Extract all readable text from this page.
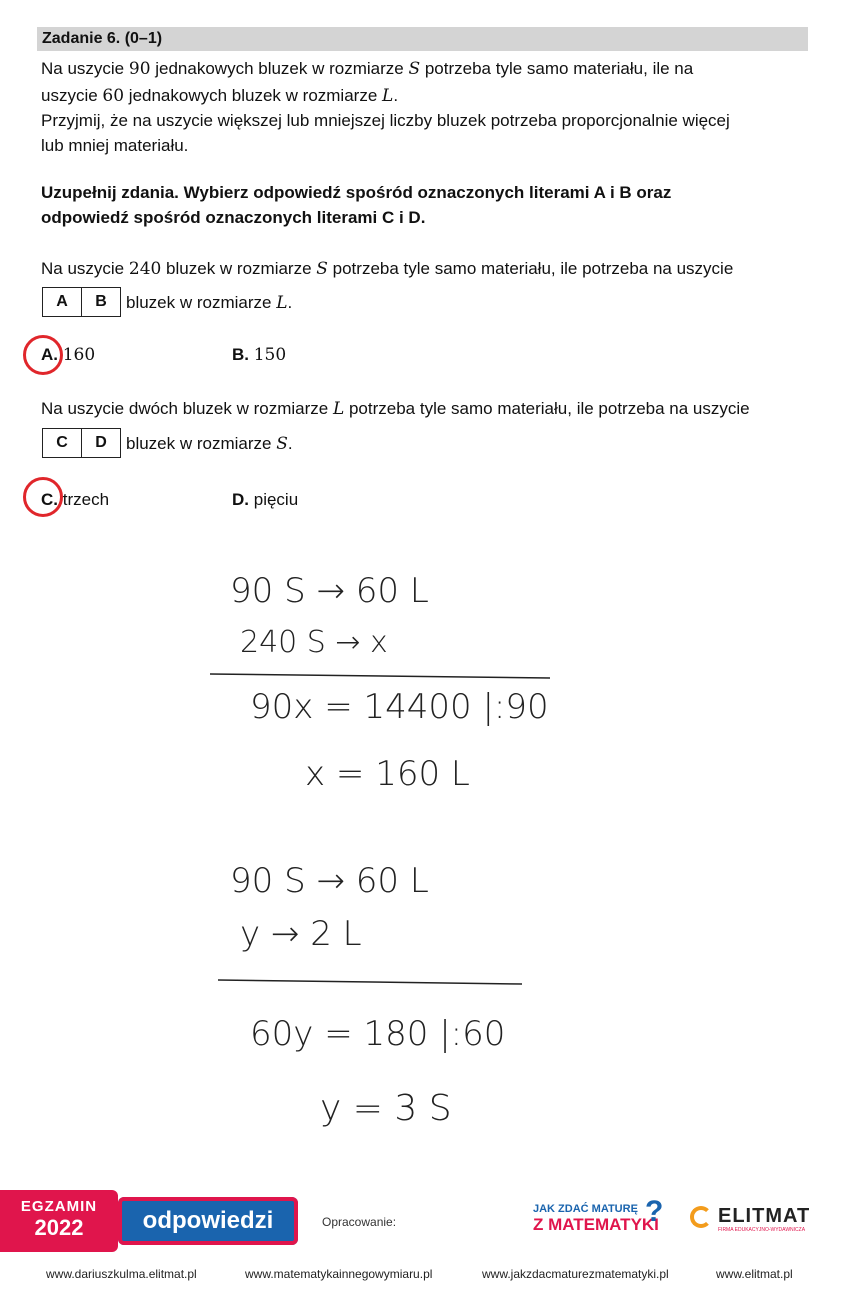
Zadanie 6. (0–1)
Na uszycie 90 jednakowych bluzek w rozmiarze S potrzeba tyle samo materiału, ile na
uszycie 60 jednakowych bluzek w rozmiarze L.
Przyjmij, że na uszycie większej lub mniejszej liczby bluzek potrzeba proporcjonalnie więcej
lub mniej materiału.
Uzupełnij zdania. Wybierz odpowiedź spośród oznaczonych literami A i B oraz
odpowiedź spośród oznaczonych literami C i D.
Na uszycie 240 bluzek w rozmiarze S potrzeba tyle samo materiału, ile potrzeba na uszycie
A	B	bluzek w rozmiarze L.
A. 160	B. 150
Na uszycie dwóch bluzek w rozmiarze L potrzeba tyle samo materiału, ile potrzeba na uszycie
C	D	bluzek w rozmiarze S.
C. trzech	D. pięciu
90 S → 60 L
240 S → x
90x = 14400 |:90
x = 160 L
90 S → 60 L
y → 2 L
60y = 180 |:60
y = 3 S
EGZAMIN
2022	odpowiedzi	Opracowanie:
JAK ZDAĆ MATURĘ
Z MATEMATYKI
?	ELITMAT
FIRMA EDUKACYJNO-WYDAWNICZA
www.dariuszkulma.elitmat.pl	www.matematykainnegowymiaru.pl	www.jakzdacmaturezmatematyki.pl	www.elitmat.pl
